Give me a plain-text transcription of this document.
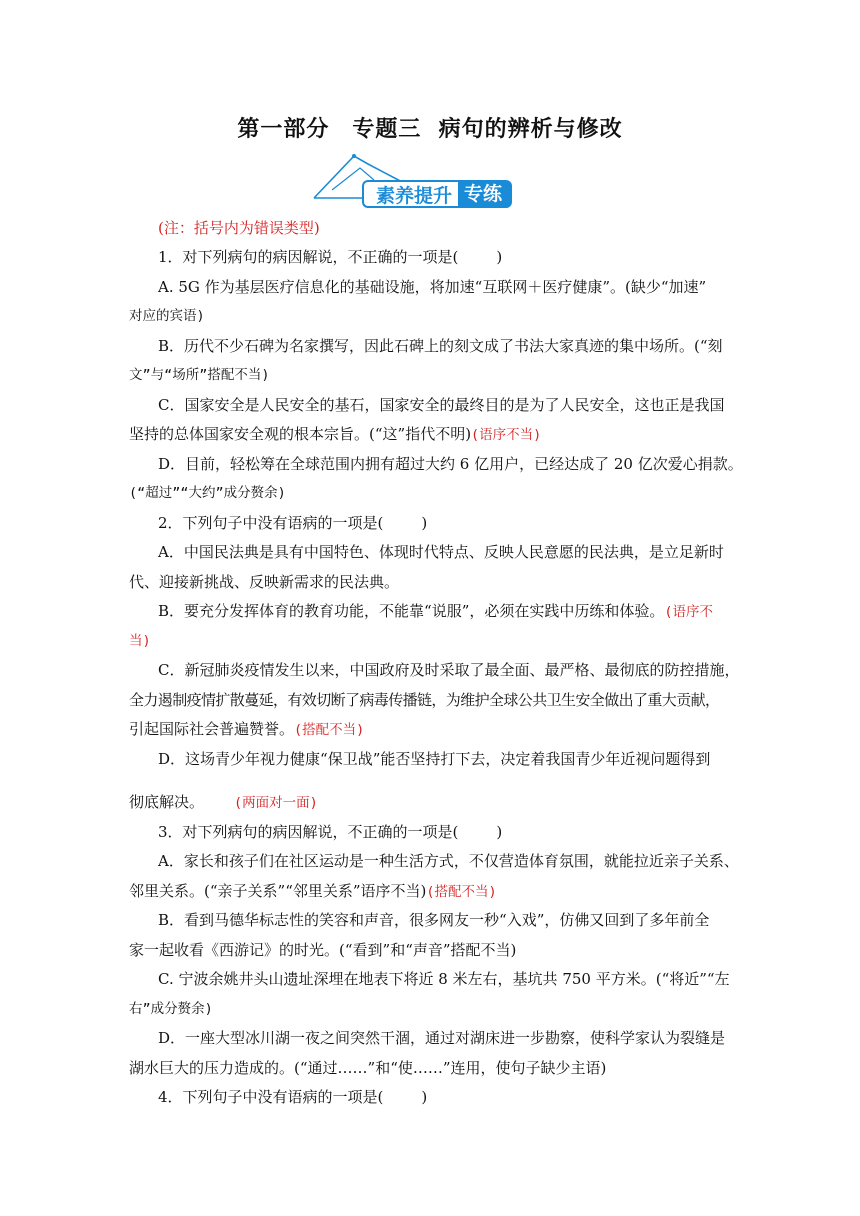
第一部分　专题三  病句的辨析与修改
素养提升 专练
(注：括号内为错误类型)
1．对下列病句的病因解说，不正确的一项是(	)
A. 5G 作为基层医疗信息化的基础设施，将加速“互联网＋医疗健康”。(缺少“加速”
对应的宾语)
B．历代不少石碑为名家撰写，因此石碑上的刻文成了书法大家真迹的集中场所。(“刻
文”与“场所”搭配不当)
C．国家安全是人民安全的基石，国家安全的最终目的是为了人民安全，这也正是我国
坚持的总体国家安全观的根本宗旨。(“这”指代不明)(语序不当)
D．目前，轻松筹在全球范围内拥有超过大约 6 亿用户，已经达成了 20 亿次爱心捐款。
(“超过”“大约”成分赘余)
2．下列句子中没有语病的一项是(	)
A．中国民法典是具有中国特色、体现时代特点、反映人民意愿的民法典，是立足新时
代、迎接新挑战、反映新需求的民法典。
B．要充分发挥体育的教育功能，不能靠“说服”，必须在实践中历练和体验。(语序不
当)
C．新冠肺炎疫情发生以来，中国政府及时采取了最全面、最严格、最彻底的防控措施，
全力遏制疫情扩散蔓延，有效切断了病毒传播链，为维护全球公共卫生安全做出了重大贡献，
引起国际社会普遍赞誉。(搭配不当)
D．这场青少年视力健康“保卫战”能否坚持打下去，决定着我国青少年近视问题得到
彻底解决。 (两面对一面)
3．对下列病句的病因解说，不正确的一项是(	)
A．家长和孩子们在社区运动是一种生活方式，不仅营造体育氛围，就能拉近亲子关系、
邻里关系。(“亲子关系”“邻里关系”语序不当)(搭配不当)
B．看到马德华标志性的笑容和声音，很多网友一秒“入戏”，仿佛又回到了多年前全
家一起收看《西游记》的时光。(“看到”和“声音”搭配不当)
C. 宁波余姚井头山遗址深埋在地表下将近 8 米左右，基坑共 750 平方米。(“将近”“左
右”成分赘余)
D．一座大型冰川湖一夜之间突然干涸，通过对湖床进一步勘察，使科学家认为裂缝是
湖水巨大的压力造成的。(“通过……”和“使……”连用，使句子缺少主语)
4．下列句子中没有语病的一项是(	)
